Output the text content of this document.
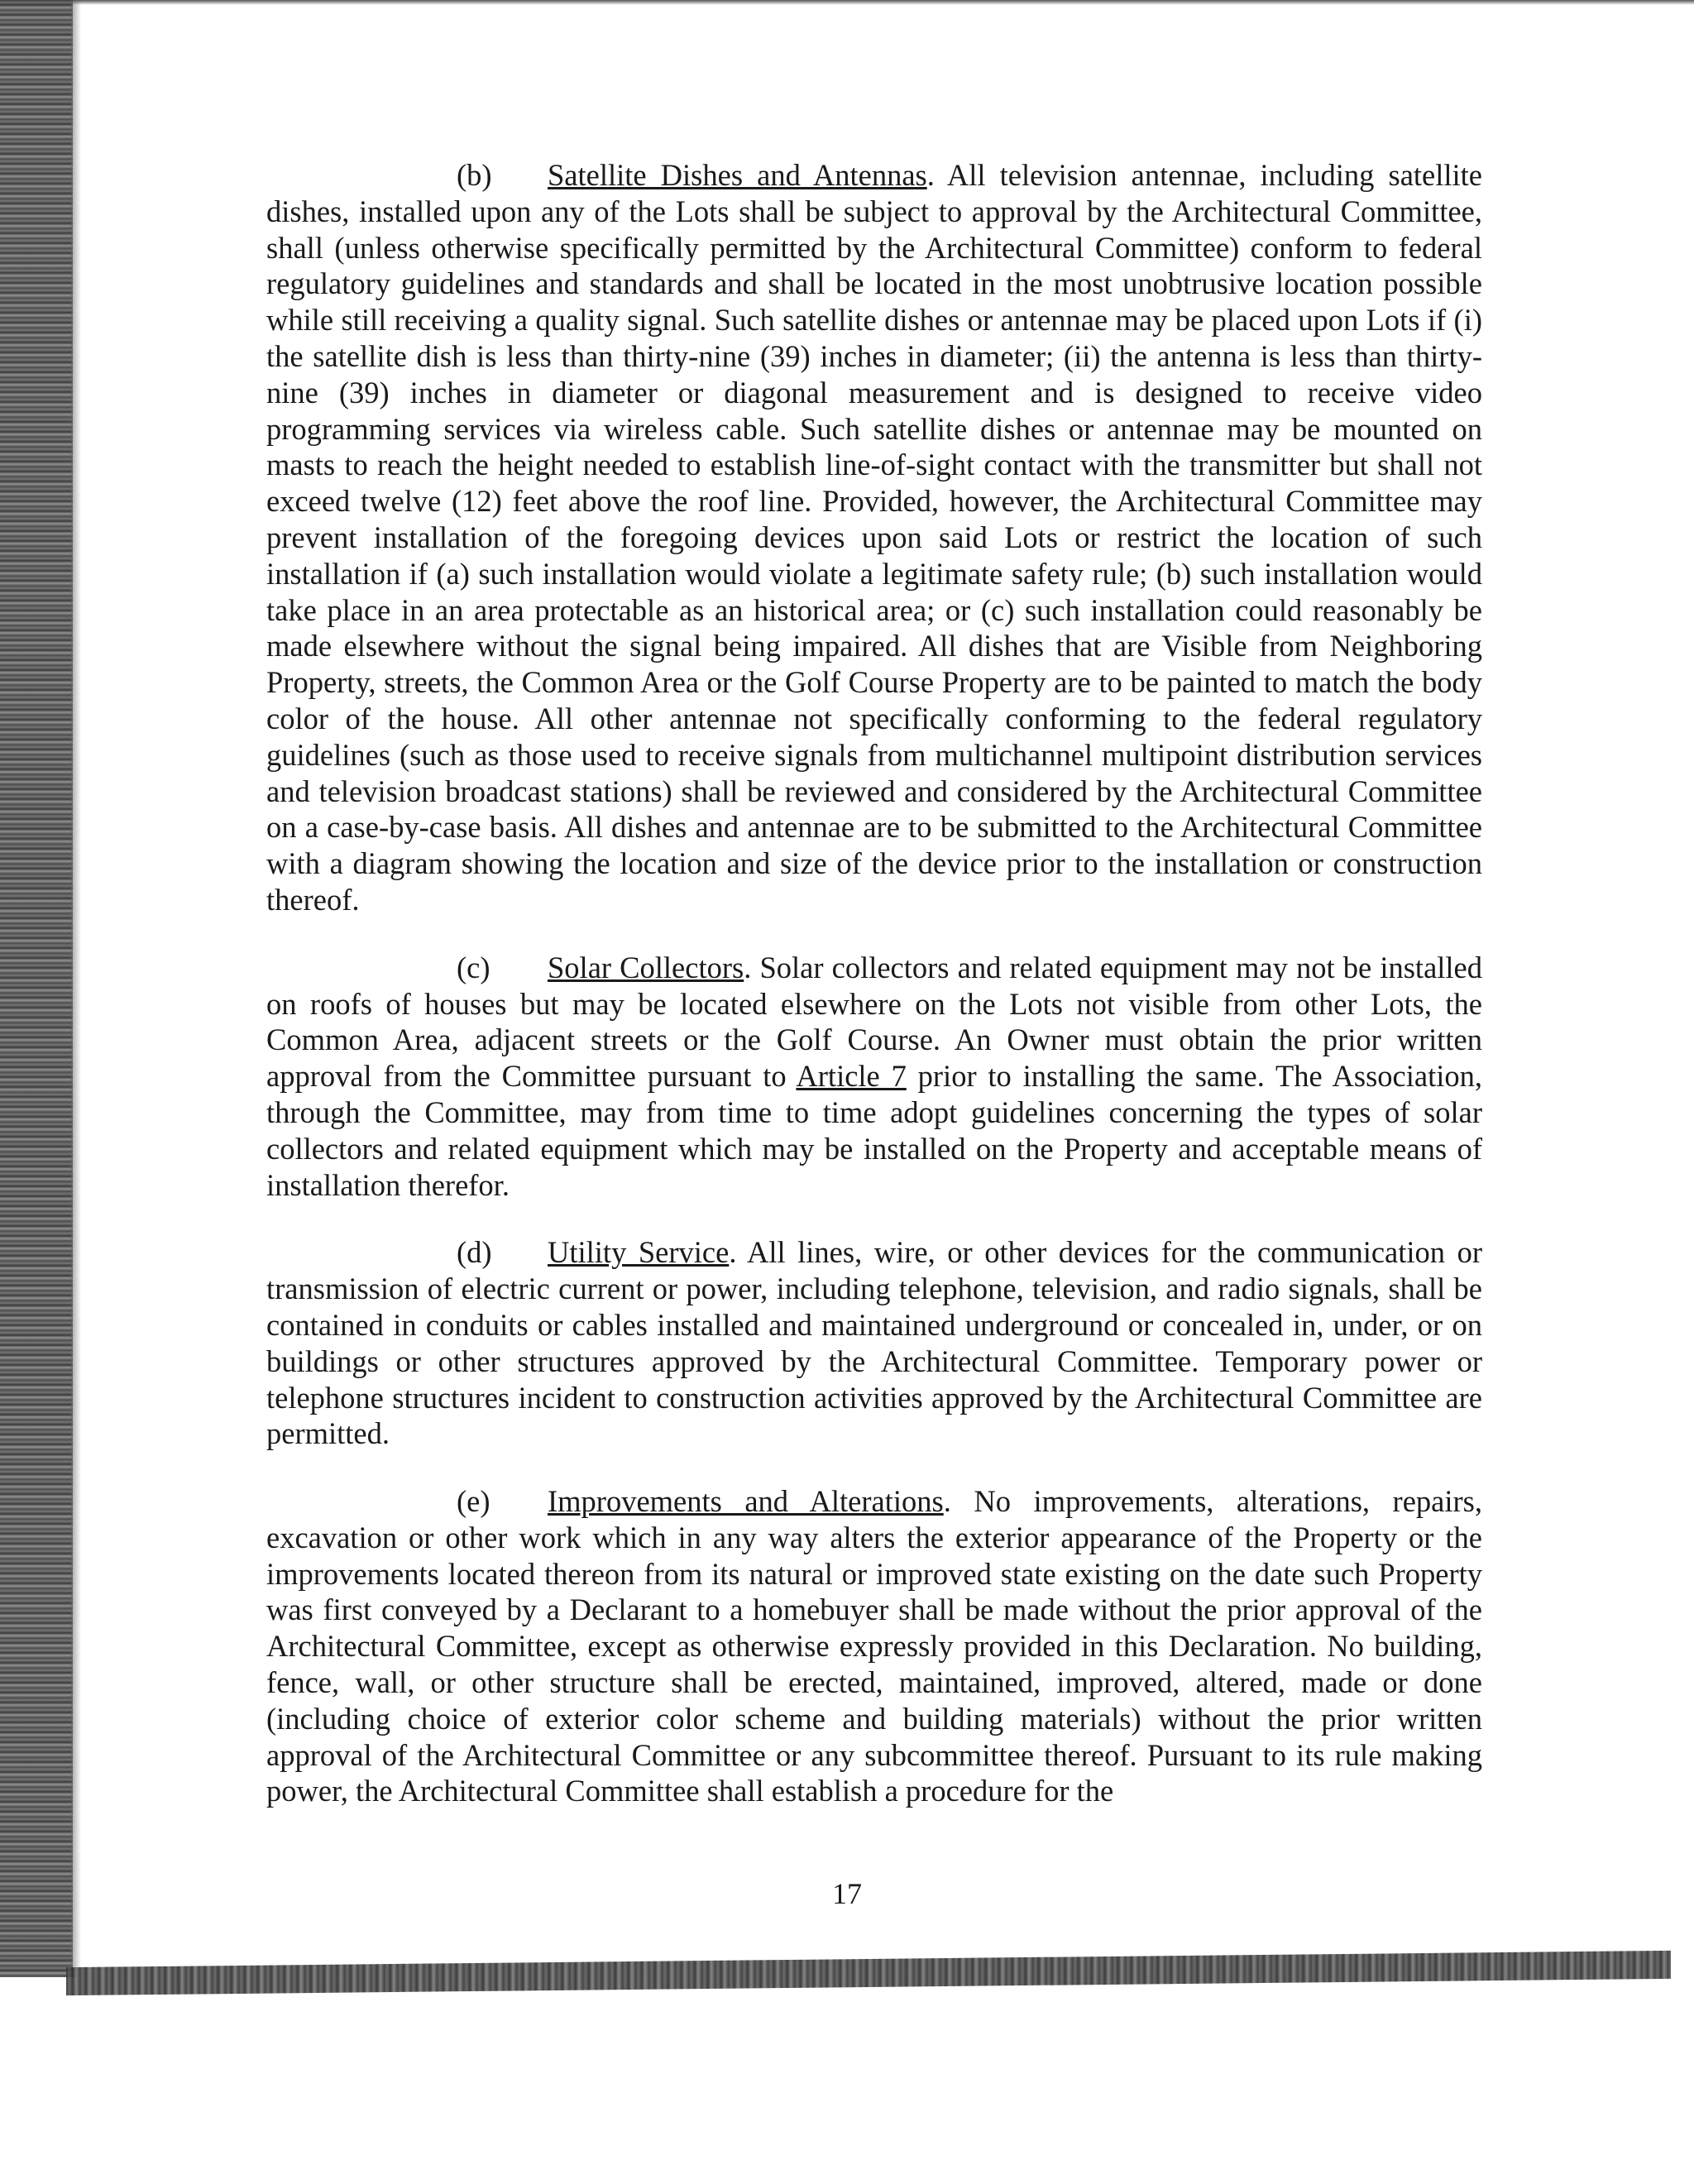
(b) Satellite Dishes and Antennas. All television antennae, including satellite dishes, installed upon any of the Lots shall be subject to approval by the Architectural Committee, shall (unless otherwise specifically permitted by the Architectural Committee) conform to federal regulatory guidelines and standards and shall be located in the most unobtrusive location possible while still receiving a quality signal. Such satellite dishes or antennae may be placed upon Lots if (i) the satellite dish is less than thirty-nine (39) inches in diameter; (ii) the antenna is less than thirty-nine (39) inches in diameter or diagonal measurement and is designed to receive video programming services via wireless cable. Such satellite dishes or antennae may be mounted on masts to reach the height needed to establish line-of-sight contact with the transmitter but shall not exceed twelve (12) feet above the roof line. Provided, however, the Architectural Committee may prevent installation of the foregoing devices upon said Lots or restrict the location of such installation if (a) such installation would violate a legitimate safety rule; (b) such installation would take place in an area protectable as an historical area; or (c) such installation could reasonably be made elsewhere without the signal being impaired. All dishes that are Visible from Neighboring Property, streets, the Common Area or the Golf Course Property are to be painted to match the body color of the house. All other antennae not specifically conforming to the federal regulatory guidelines (such as those used to receive signals from multichannel multipoint distribution services and television broadcast stations) shall be reviewed and considered by the Architectural Committee on a case-by-case basis. All dishes and antennae are to be submitted to the Architectural Committee with a diagram showing the location and size of the device prior to the installation or construction thereof.

(c) Solar Collectors. Solar collectors and related equipment may not be installed on roofs of houses but may be located elsewhere on the Lots not visible from other Lots, the Common Area, adjacent streets or the Golf Course. An Owner must obtain the prior written approval from the Committee pursuant to Article 7 prior to installing the same. The Association, through the Committee, may from time to time adopt guidelines concerning the types of solar collectors and related equipment which may be installed on the Property and acceptable means of installation therefor.

(d) Utility Service. All lines, wire, or other devices for the communication or transmission of electric current or power, including telephone, television, and radio signals, shall be contained in conduits or cables installed and maintained underground or concealed in, under, or on buildings or other structures approved by the Architectural Committee. Temporary power or telephone structures incident to construction activities approved by the Architectural Committee are permitted.

(e) Improvements and Alterations. No improvements, alterations, repairs, excavation or other work which in any way alters the exterior appearance of the Property or the improvements located thereon from its natural or improved state existing on the date such Property was first conveyed by a Declarant to a homebuyer shall be made without the prior approval of the Architectural Committee, except as otherwise expressly provided in this Declaration. No building, fence, wall, or other structure shall be erected, maintained, improved, altered, made or done (including choice of exterior color scheme and building materials) without the prior written approval of the Architectural Committee or any subcommittee thereof. Pursuant to its rule making power, the Architectural Committee shall establish a procedure for the

17
